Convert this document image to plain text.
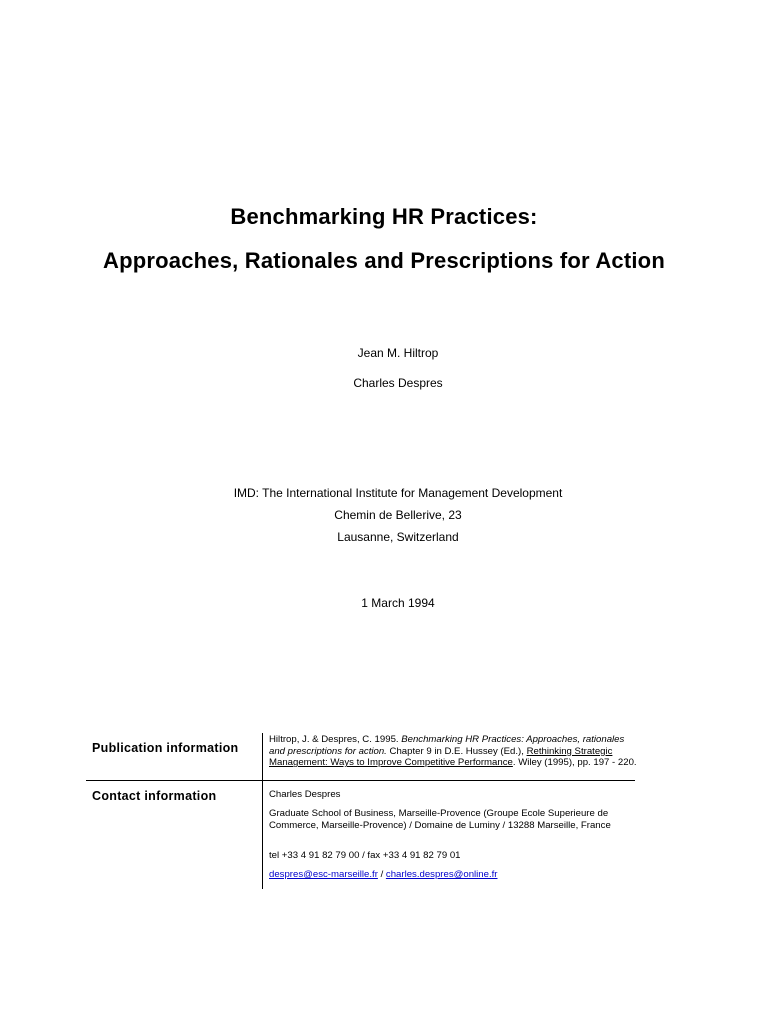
Benchmarking HR Practices:
Approaches, Rationales and Prescriptions for Action
Jean M. Hiltrop
Charles Despres
IMD: The International Institute for Management Development
Chemin de Bellerive, 23
Lausanne, Switzerland
1 March 1994
Publication information
Contact information
Hiltrop, J. & Despres, C. 1995. Benchmarking HR Practices: Approaches, rationales and prescriptions for action. Chapter 9 in D.E. Hussey (Ed.), Rethinking Strategic Management: Ways to Improve Competitive Performance. Wiley (1995), pp. 197 - 220.
Charles Despres
Graduate School of Business, Marseille-Provence (Groupe Ecole Superieure de Commerce, Marseille-Provence) / Domaine de Luminy / 13288 Marseille, France
tel +33 4 91 82 79 00 / fax +33 4 91 82 79 01
despres@esc-marseille.fr / charles.despres@online.fr
